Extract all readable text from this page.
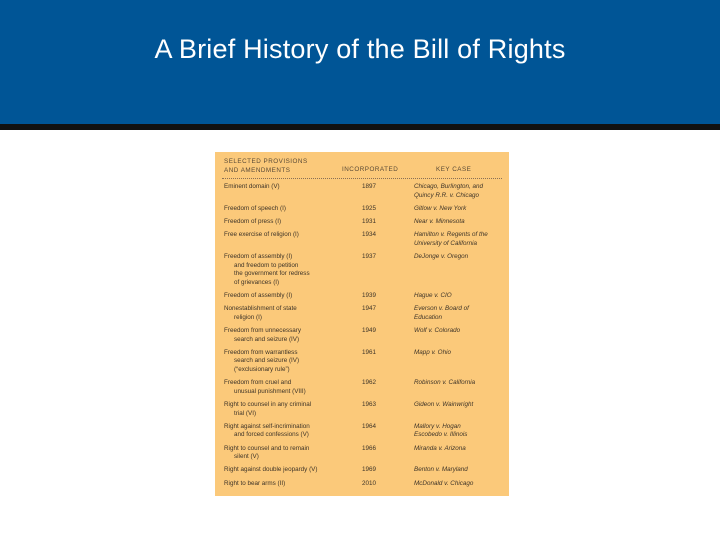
A Brief History of the Bill of Rights
SELECTED PROVISIONS
AND AMENDMENTS	INCORPORATED	KEY CASE
Eminent domain (V)	1897	Chicago, Burlington, and
Quincy R.R. v. Chicago
Freedom of speech (I)	1925	Gitlow v. New York
Freedom of press (I)	1931	Near v. Minnesota
Free exercise of religion (I)	1934	Hamilton v. Regents of the
University of California
Freedom of assembly (I)
and freedom to petition
the government for redress
of grievances (I)
1937	DeJonge v. Oregon
Freedom of assembly (I)	1939	Hague v. CIO
Nonestablishment of state
religion (I)
1947	Everson v. Board of
Education
Freedom from unnecessary
search and seizure (IV)
1949	Wolf v. Colorado
Freedom from warrantless
search and seizure (IV)
(“exclusionary rule”)
1961	Mapp v. Ohio
Freedom from cruel and
unusual punishment (VIII)
1962	Robinson v. California
Right to counsel in any criminal
trial (VI)
1963	Gideon v. Wainwright
Right against self-incrimination
and forced confessions (V)
1964	Mallory v. Hogan
Escobedo v. Illinois
Right to counsel and to remain
silent (V)
1966	Miranda v. Arizona
Right against double jeopardy (V)	1969	Benton v. Maryland
Right to bear arms (II)	2010	McDonald v. Chicago
